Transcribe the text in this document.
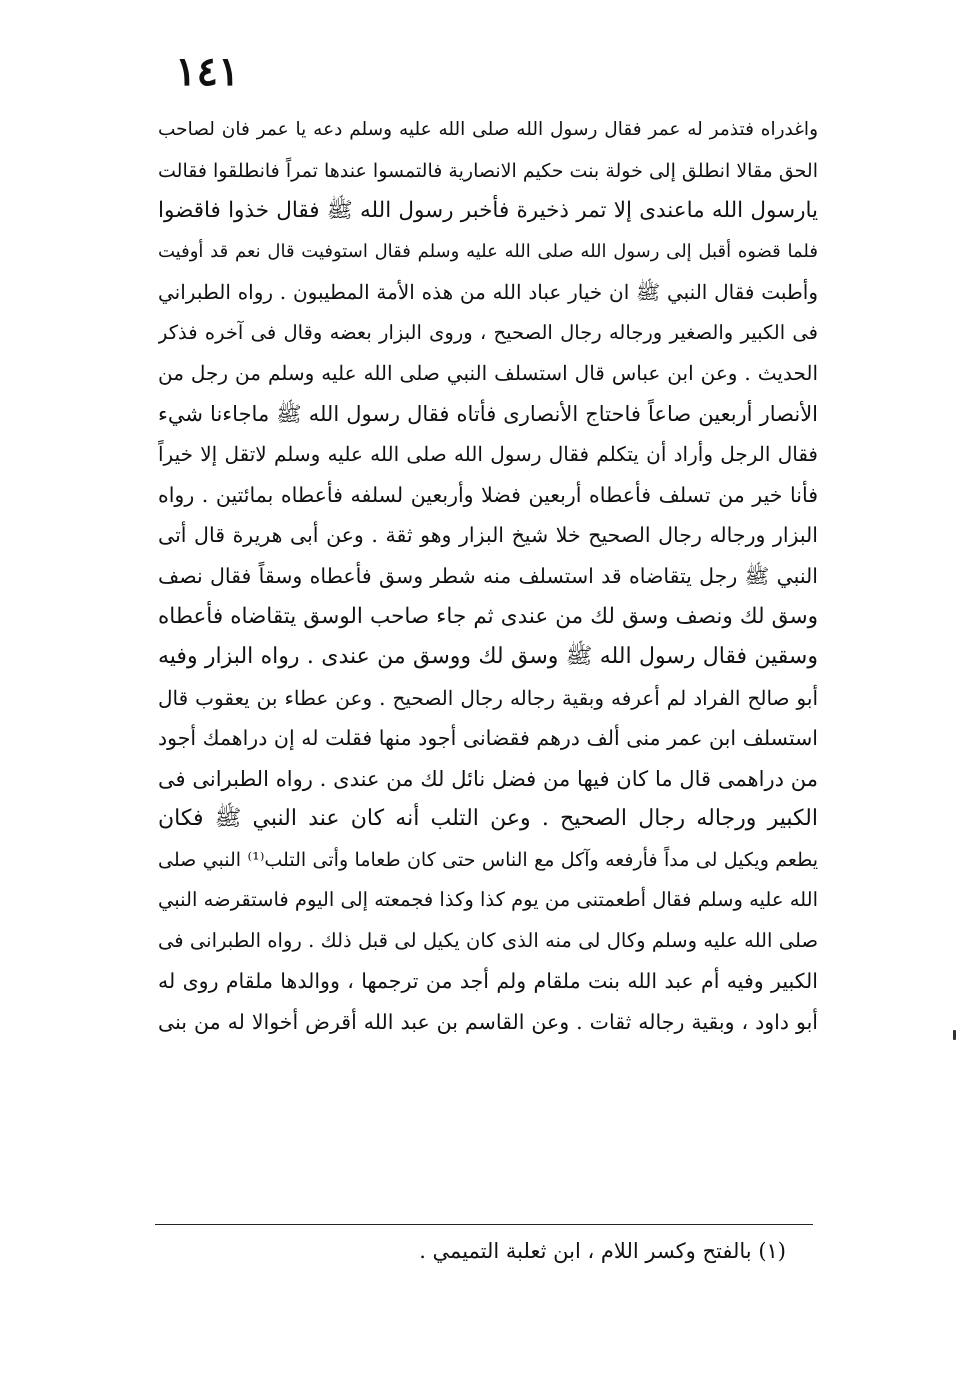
١٤١
واغدراه فتذمر له عمر فقال رسول الله صلى الله عليه وسلم دعه يا عمر فان لصاحب
الحق مقالا انطلق إلى خولة بنت حكيم الانصارية فالتمسوا عندها تمراً فانطلقوا فقالت
يارسول الله ماعندى إلا تمر ذخيرة فأخبر رسول الله ﷺ فقال خذوا فاقضوا
فلما قضوه أقبل إلى رسول الله صلى الله عليه وسلم فقال استوفيت قال نعم قد أوفيت
وأطبت فقال النبي ﷺ ان خيار عباد الله من هذه الأمة المطيبون . رواه الطبراني
فى الكبير والصغير ورجاله رجال الصحيح ، وروى البزار بعضه وقال فى آخره فذكر
الحديث . وعن ابن عباس قال استسلف النبي صلى الله عليه وسلم من رجل من
الأنصار أربعين صاعاً فاحتاج الأنصارى فأتاه فقال رسول الله ﷺ ماجاءنا شيء
فقال الرجل وأراد أن يتكلم فقال رسول الله صلى الله عليه وسلم لاتقل إلا خيراً
فأنا خير من تسلف فأعطاه أربعين فضلا وأربعين لسلفه فأعطاه بمائتين . رواه
البزار ورجاله رجال الصحيح خلا شيخ البزار وهو ثقة . وعن أبى هريرة قال أتى
النبي ﷺ رجل يتقاضاه قد استسلف منه شطر وسق فأعطاه وسقاً فقال نصف
وسق لك ونصف وسق لك من عندى ثم جاء صاحب الوسق يتقاضاه فأعطاه
وسقين فقال رسول الله ﷺ وسق لك ووسق من عندى . رواه البزار وفيه
أبو صالح الفراد لم أعرفه وبقية رجاله رجال الصحيح . وعن عطاء بن يعقوب قال
استسلف ابن عمر منى ألف درهم فقضانى أجود منها فقلت له إن دراهمك أجود
من دراهمى قال ما كان فيها من فضل نائل لك من عندى . رواه الطبرانى فى
الكبير ورجاله رجال الصحيح . وعن التلب أنه كان عند النبي ﷺ فكان
يطعم ويكيل لى مداً فأرفعه وآكل مع الناس حتى كان طعاما وأتى التلب⁽¹⁾ النبي صلى
الله عليه وسلم فقال أطعمتنى من يوم كذا وكذا فجمعته إلى اليوم فاستقرضه النبي
صلى الله عليه وسلم وكال لى منه الذى كان يكيل لى قبل ذلك . رواه الطبرانى فى
الكبير وفيه أم عبد الله بنت ملقام ولم أجد من ترجمها ، ووالدها ملقام روى له
أبو داود ، وبقية رجاله ثقات . وعن القاسم بن عبد الله أقرض أخوالا له من بنى
(١) بالفتح وكسر اللام ، ابن ثعلبة التميمي .
